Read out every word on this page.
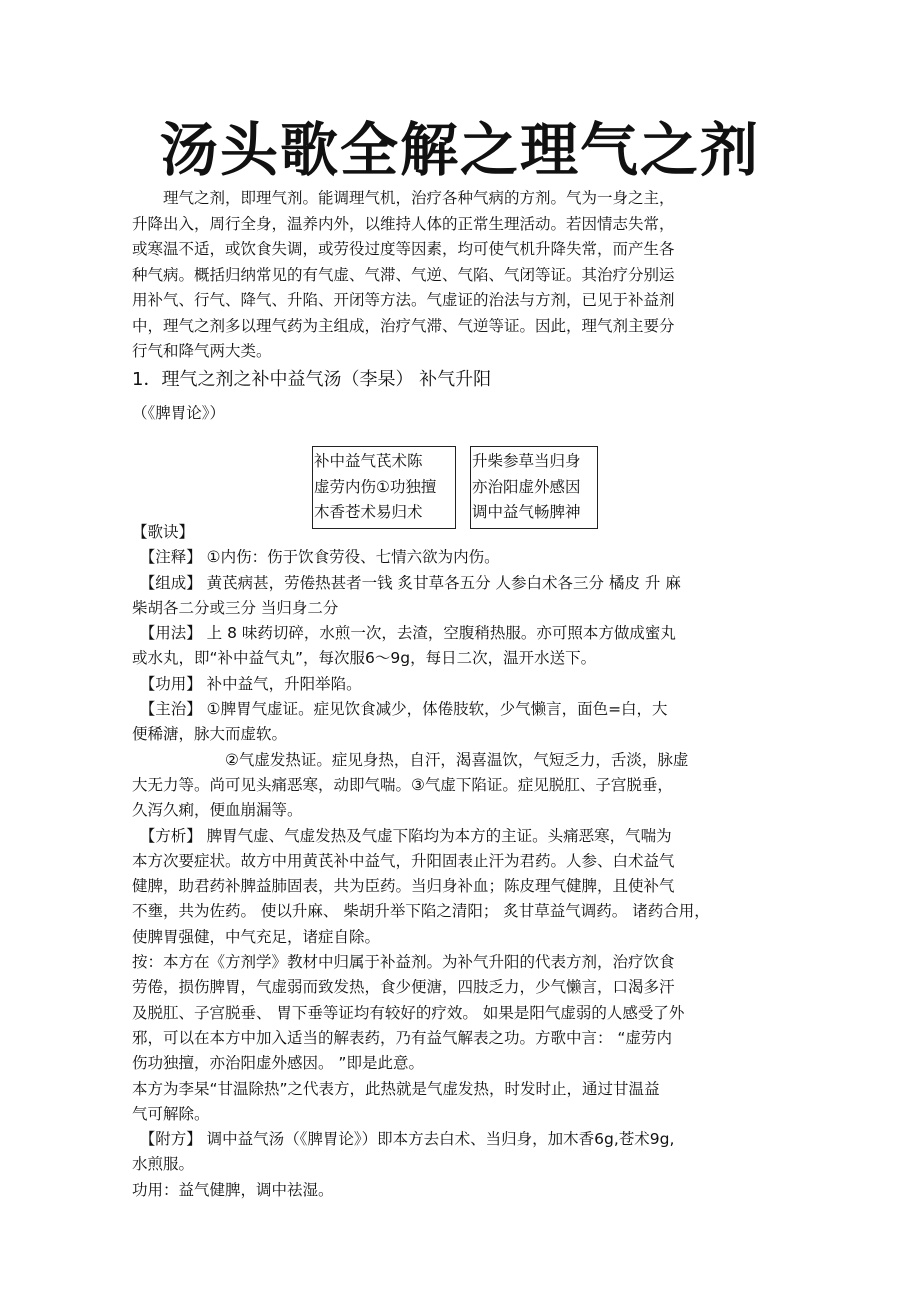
汤头歌全解之理气之剂
　　理气之剂，即理气剂。能调理气机，治疗各种气病的方剂。气为一身之主，
升降出入，周行全身，温养内外，以维持人体的正常生理活动。若因情志失常，
或寒温不适，或饮食失调，或劳役过度等因素，均可使气机升降失常，而产生各
种气病。概括归纳常见的有气虚、气滞、气逆、气陷、气闭等证。其治疗分别运
用补气、行气、降气、升陷、开闭等方法。气虚证的治法与方剂，已见于补益剂
中，理气之剂多以理气药为主组成，治疗气滞、气逆等证。因此，理气剂主要分
行气和降气两大类。
1．理气之剂之补中益气汤（李杲） 补气升阳
（《脾胃论》）
补中益气芪术陈
虚劳内伤①功独擅
木香苍术易归术
升柴参草当归身
亦治阳虚外感因
调中益气畅脾神
【歌诀】
　【注释】 ①内伤：伤于饮食劳役、七情六欲为内伤。
　【组成】 黄芪病甚，劳倦热甚者一钱 炙甘草各五分 人参白术各三分 橘皮 升 麻
柴胡各二分或三分 当归身二分
　【用法】 上 8 味药切碎，水煎一次，去渣，空腹稍热服。亦可照本方做成蜜丸
或水丸，即“补中益气丸”，每次服6～9g，每日二次，温开水送下。
　【功用】 补中益气，升阳举陷。
　【主治】 ①脾胃气虚证。症见饮食减少，体倦肢软，少气懒言，面色=白，大
便稀溏，脉大而虚软。
　　　　　　②气虚发热证。症见身热，自汗，渴喜温饮，气短乏力，舌淡，脉虚
大无力等。尚可见头痛恶寒，动即气喘。③气虚下陷证。症见脱肛、子宫脱垂，
久泻久痢，便血崩漏等。
　【方析】 脾胃气虚、气虚发热及气虚下陷均为本方的主证。头痛恶寒，气喘为
本方次要症状。故方中用黄芪补中益气，升阳固表止汗为君药。人参、白术益气
健脾，助君药补脾益肺固表，共为臣药。当归身补血；陈皮理气健脾，且使补气
不壅，共为佐药。 使以升麻、 柴胡升举下陷之清阳； 炙甘草益气调药。 诸药合用，
使脾胃强健，中气充足，诸症自除。
按：本方在《方剂学》教材中归属于补益剂。为补气升阳的代表方剂，治疗饮食
劳倦，损伤脾胃，气虚弱而致发热，食少便溏，四肢乏力，少气懒言，口渴多汗
及脱肛、子宫脱垂、 胃下垂等证均有较好的疗效。 如果是阳气虚弱的人感受了外
邪，可以在本方中加入适当的解表药，乃有益气解表之功。方歌中言： “虚劳内
伤功独擅，亦治阳虚外感因。 ”即是此意。
本方为李杲“甘温除热”之代表方，此热就是气虚发热，时发时止，通过甘温益
气可解除。
　【附方】 调中益气汤（《脾胃论》）即本方去白术、当归身，加木香6g,苍术9g,
水煎服。
功用：益气健脾，调中祛湿。
